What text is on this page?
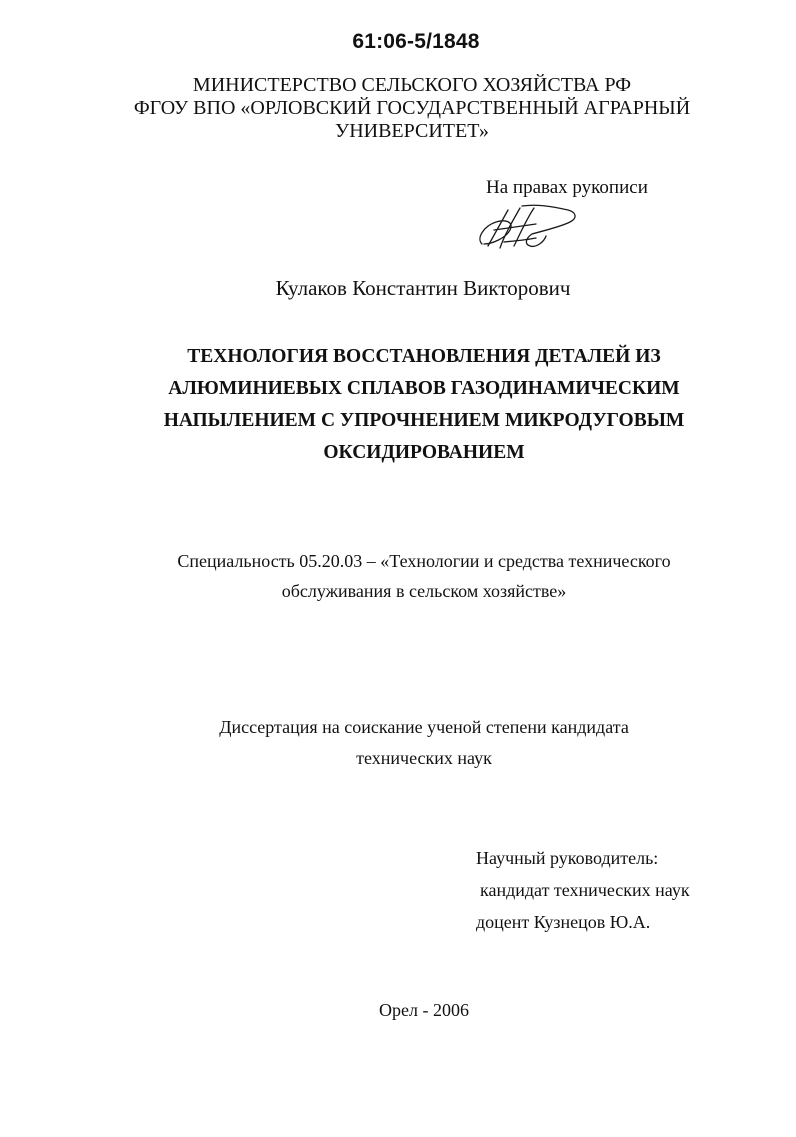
61:06-5/1848
МИНИСТЕРСТВО СЕЛЬСКОГО ХОЗЯЙСТВА РФ
ФГОУ ВПО «ОРЛОВСКИЙ ГОСУДАРСТВЕННЫЙ АГРАРНЫЙ
УНИВЕРСИТЕТ»
На правах рукописи
Кулаков Константин Викторович
ТЕХНОЛОГИЯ ВОССТАНОВЛЕНИЯ ДЕТАЛЕЙ ИЗ
АЛЮМИНИЕВЫХ СПЛАВОВ ГАЗОДИНАМИЧЕСКИМ
НАПЫЛЕНИЕМ С УПРОЧНЕНИЕМ МИКРОДУГОВЫМ
ОКСИДИРОВАНИЕМ
Специальность 05.20.03 – «Технологии и средства технического
обслуживания в сельском хозяйстве»
Диссертация на соискание ученой степени кандидата
технических наук
Научный руководитель:
кандидат технических наук
доцент Кузнецов Ю.А.
Орел - 2006
